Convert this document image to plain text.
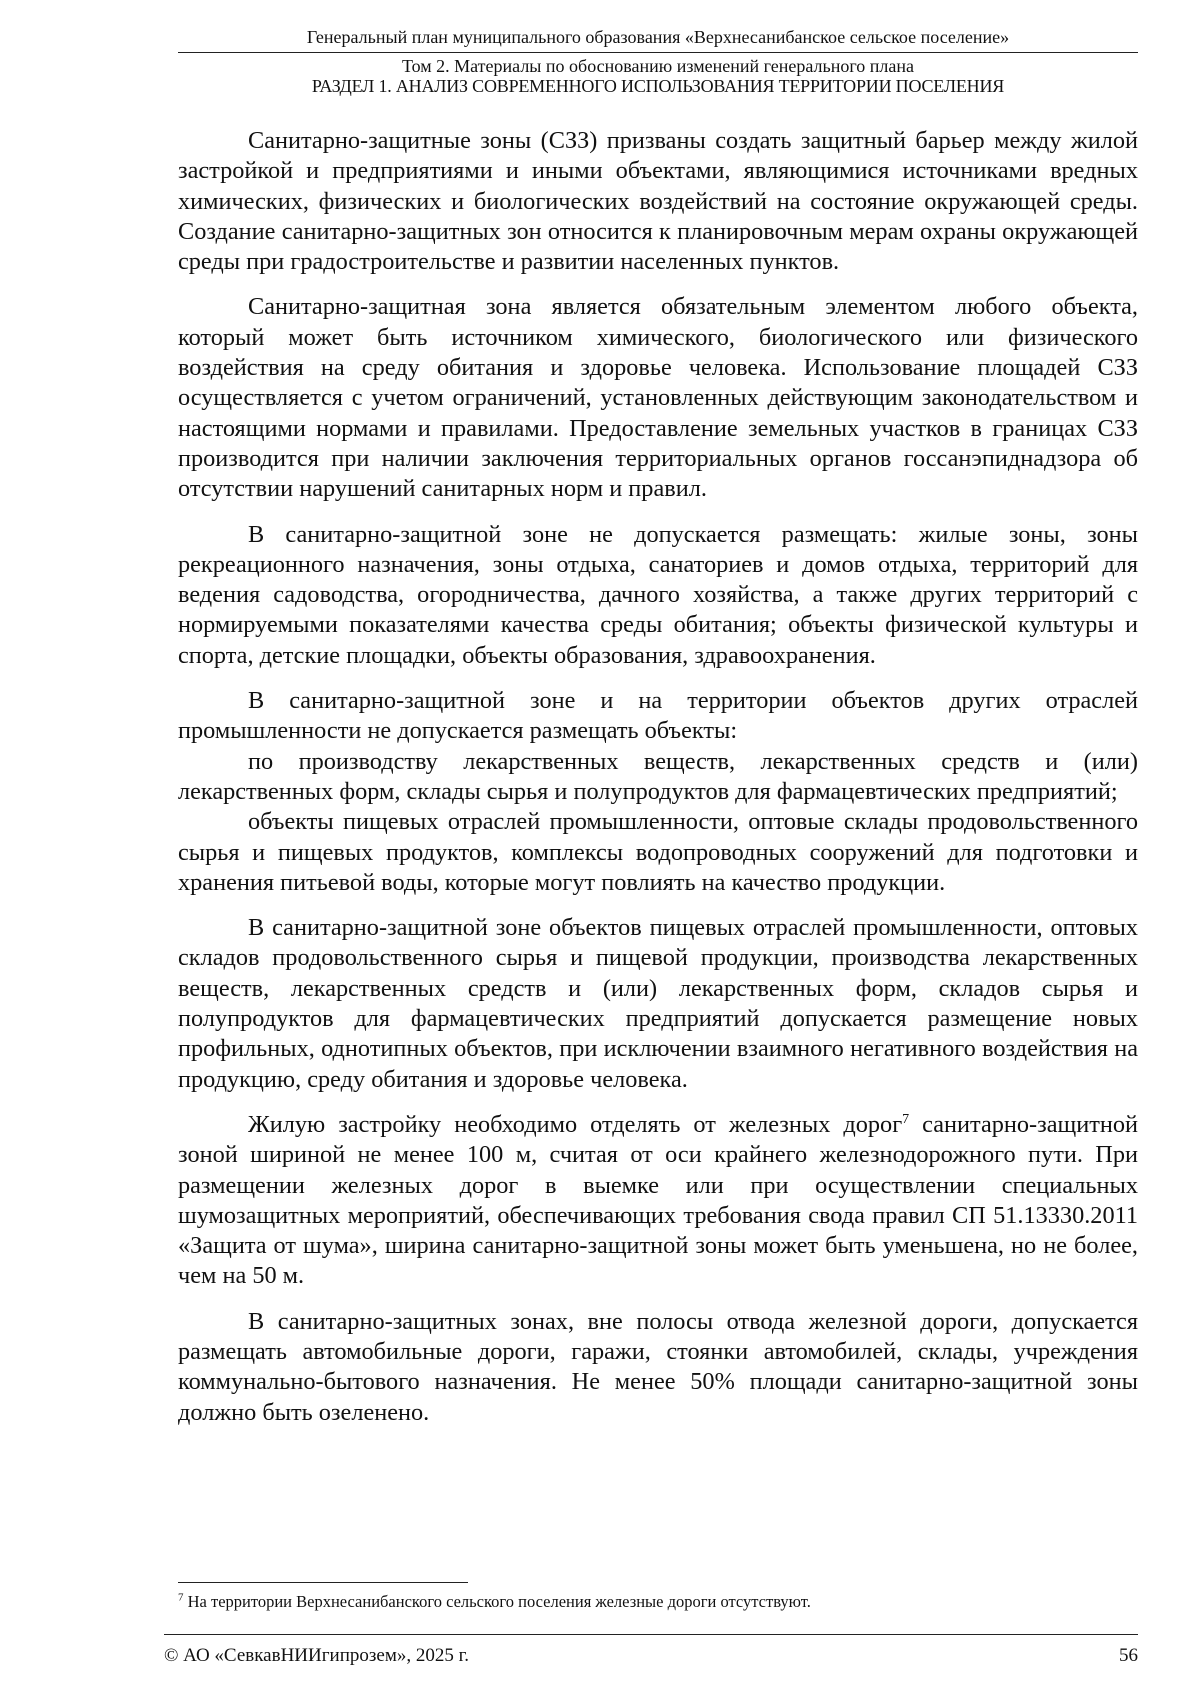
Генеральный план муниципального образования «Верхнесанибанское сельское поселение»
Том 2. Материалы по обоснованию изменений генерального плана
РАЗДЕЛ 1. АНАЛИЗ СОВРЕМЕННОГО ИСПОЛЬЗОВАНИЯ ТЕРРИТОРИИ ПОСЕЛЕНИЯ

Санитарно-защитные зоны (СЗЗ) призваны создать защитный барьер между жилой застройкой и предприятиями и иными объектами, являющимися источниками вредных химических, физических и биологических воздействий на состояние окружающей среды. Создание санитарно-защитных зон относится к планировочным мерам охраны окружающей среды при градостроительстве и развитии населенных пунктов.

Санитарно-защитная зона является обязательным элементом любого объекта, который может быть источником химического, биологического или физического воздействия на среду обитания и здоровье человека. Использование площадей СЗЗ осуществляется с учетом ограничений, установленных действующим законодательством и настоящими нормами и правилами. Предоставление земельных участков в границах СЗЗ производится при наличии заключения территориальных органов госсанэпиднадзора об отсутствии нарушений санитарных норм и правил.

В санитарно-защитной зоне не допускается размещать: жилые зоны, зоны рекреационного назначения, зоны отдыха, санаториев и домов отдыха, территорий для ведения садоводства, огородничества, дачного хозяйства, а также других территорий с нормируемыми показателями качества среды обитания; объекты физической культуры и спорта, детские площадки, объекты образования, здравоохранения.

В санитарно-защитной зоне и на территории объектов других отраслей промышленности не допускается размещать объекты:

по производству лекарственных веществ, лекарственных средств и (или) лекарственных форм, склады сырья и полупродуктов для фармацевтических предприятий;

объекты пищевых отраслей промышленности, оптовые склады продовольственного сырья и пищевых продуктов, комплексы водопроводных сооружений для подготовки и хранения питьевой воды, которые могут повлиять на качество продукции.

В санитарно-защитной зоне объектов пищевых отраслей промышленности, оптовых складов продовольственного сырья и пищевой продукции, производства лекарственных веществ, лекарственных средств и (или) лекарственных форм, складов сырья и полупродуктов для фармацевтических предприятий допускается размещение новых профильных, однотипных объектов, при исключении взаимного негативного воздействия на продукцию, среду обитания и здоровье человека.

Жилую застройку необходимо отделять от железных дорог$^7$ санитарно-защитной зоной шириной не менее 100 м, считая от оси крайнего железнодорожного пути. При размещении железных дорог в выемке или при осуществлении специальных шумозащитных мероприятий, обеспечивающих требования свода правил СП 51.13330.2011 «Защита от шума», ширина санитарно-защитной зоны может быть уменьшена, но не более, чем на 50 м.

В санитарно-защитных зонах, вне полосы отвода железной дороги, допускается размещать автомобильные дороги, гаражи, стоянки автомобилей, склады, учреждения коммунально-бытового назначения. Не менее 50% площади санитарно-защитной зоны должно быть озеленено.

$^7$ На территории Верхнесанибанского сельского поселения железные дороги отсутствуют.
© АО «СевкавНИИгипрозем», 2025 г.	56
